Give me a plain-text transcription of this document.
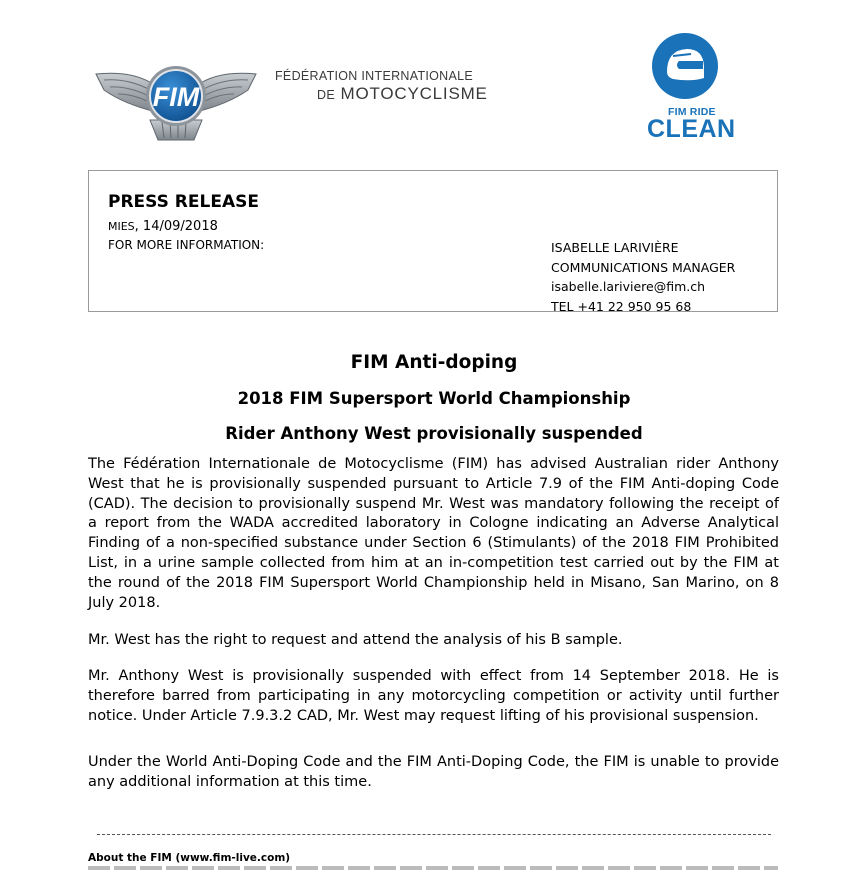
FIM
FÉDÉRATION INTERNATIONALE
DE MOTOCYCLISME
FIM RIDE
CLEAN
PRESS RELEASE
MIES, 14/09/2018
FOR MORE INFORMATION:	ISABELLE LARIVIÈRE
COMMUNICATIONS MANAGER
isabelle.lariviere@fim.ch
TEL +41 22 950 95 68
FIM Anti-doping
2018 FIM Supersport World Championship
Rider Anthony West provisionally suspended

The Fédération Internationale de Motocyclisme (FIM) has advised Australian rider Anthony West that he is provisionally suspended pursuant to Article 7.9 of the FIM Anti-doping Code (CAD). The decision to provisionally suspend Mr. West was mandatory following the receipt of a report from the WADA accredited laboratory in Cologne indicating an Adverse Analytical Finding of a non-specified substance under Section 6 (Stimulants) of the 2018 FIM Prohibited List, in a urine sample collected from him at an in-competition test carried out by the FIM at the round of the 2018 FIM Supersport World Championship held in Misano, San Marino, on 8 July 2018.

Mr. West has the right to request and attend the analysis of his B sample.

Mr. Anthony West is provisionally suspended with effect from 14 September 2018. He is therefore barred from participating in any motorcycling competition or activity until further notice. Under Article 7.9.3.2 CAD, Mr. West may request lifting of his provisional suspension.

Under the World Anti-Doping Code and the FIM Anti-Doping Code, the FIM is unable to provide any additional information at this time.

About the FIM (www.fim-live.com)
